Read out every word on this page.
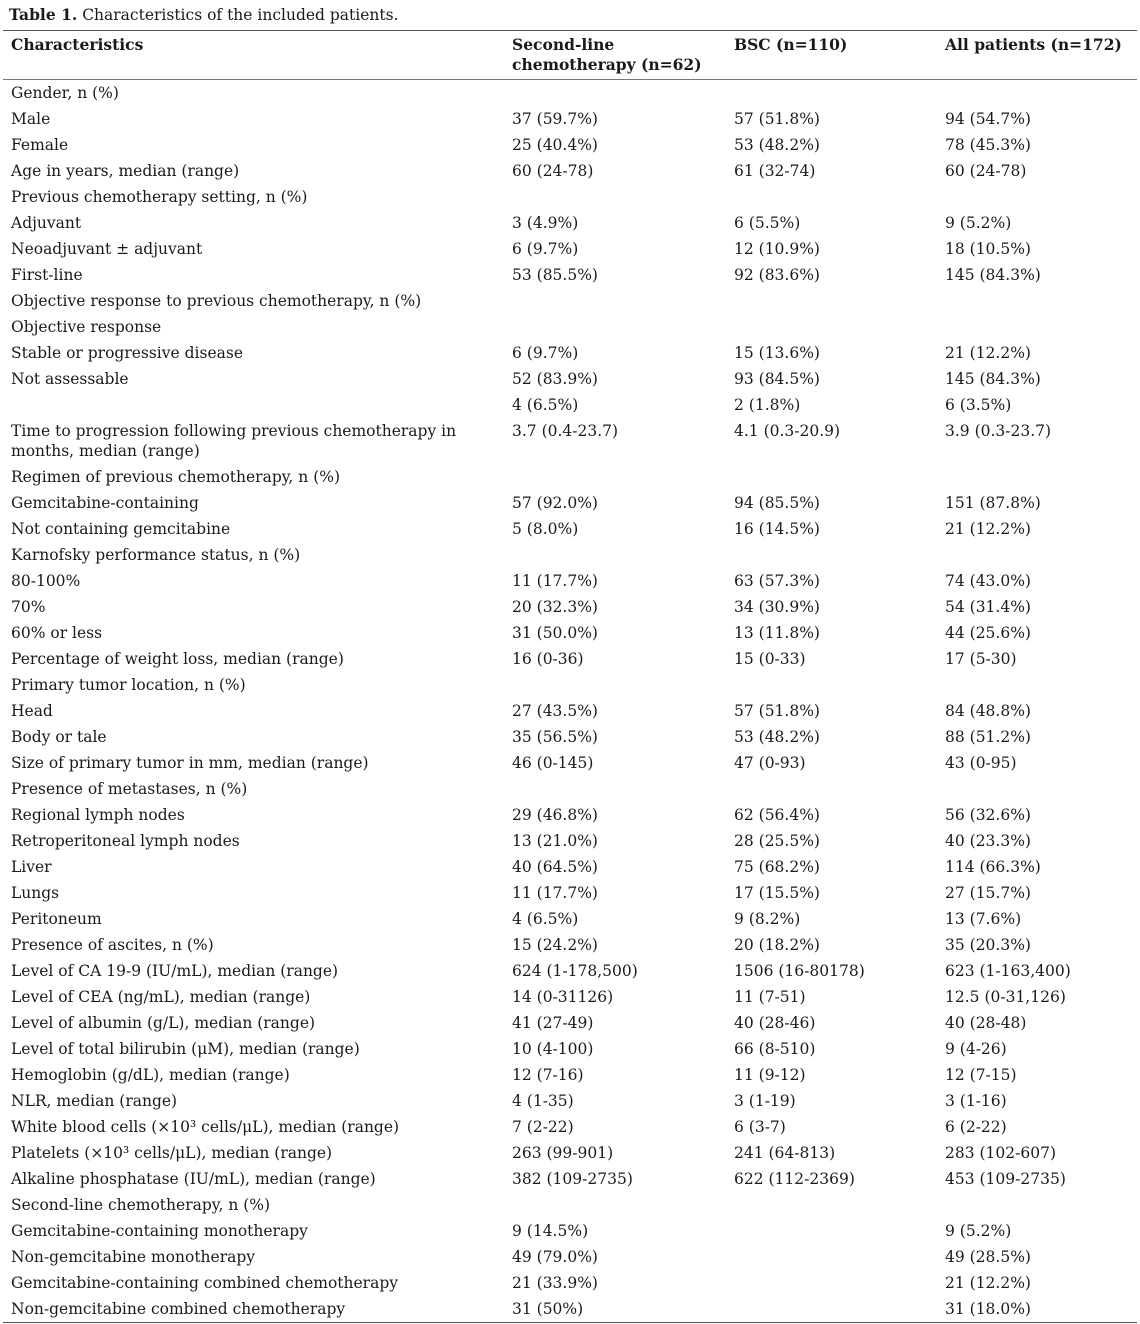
Table 1. Characteristics of the included patients.
Characteristics	Second-line chemotherapy (n=62)	BSC (n=110)	All patients (n=172)
Gender, n (%)			
Male	37 (59.7%)	57 (51.8%)	94 (54.7%)
Female	25 (40.4%)	53 (48.2%)	78 (45.3%)
Age in years, median (range)	60 (24-78)	61 (32-74)	60 (24-78)
Previous chemotherapy setting, n (%)			
Adjuvant	3 (4.9%)	6 (5.5%)	9 (5.2%)
Neoadjuvant ± adjuvant	6 (9.7%)	12 (10.9%)	18 (10.5%)
First-line	53 (85.5%)	92 (83.6%)	145 (84.3%)
Objective response to previous chemotherapy, n (%)			
Objective response			
Stable or progressive disease	6 (9.7%)	15 (13.6%)	21 (12.2%)
Not assessable	52 (83.9%)	93 (84.5%)	145 (84.3%)
	4 (6.5%)	2 (1.8%)	6 (3.5%)
Time to progression following previous chemotherapy in months, median (range)	3.7 (0.4-23.7)	4.1 (0.3-20.9)	3.9 (0.3-23.7)
Regimen of previous chemotherapy, n (%)			
Gemcitabine-containing	57 (92.0%)	94 (85.5%)	151 (87.8%)
Not containing gemcitabine	5 (8.0%)	16 (14.5%)	21 (12.2%)
Karnofsky performance status, n (%)			
80-100%	11 (17.7%)	63 (57.3%)	74 (43.0%)
70%	20 (32.3%)	34 (30.9%)	54 (31.4%)
60% or less	31 (50.0%)	13 (11.8%)	44 (25.6%)
Percentage of weight loss, median (range)	16 (0-36)	15 (0-33)	17 (5-30)
Primary tumor location, n (%)			
Head	27 (43.5%)	57 (51.8%)	84 (48.8%)
Body or tale	35 (56.5%)	53 (48.2%)	88 (51.2%)
Size of primary tumor in mm, median (range)	46 (0-145)	47 (0-93)	43 (0-95)
Presence of metastases, n (%)			
Regional lymph nodes	29 (46.8%)	62 (56.4%)	56 (32.6%)
Retroperitoneal lymph nodes	13 (21.0%)	28 (25.5%)	40 (23.3%)
Liver	40 (64.5%)	75 (68.2%)	114 (66.3%)
Lungs	11 (17.7%)	17 (15.5%)	27 (15.7%)
Peritoneum	4 (6.5%)	9 (8.2%)	13 (7.6%)
Presence of ascites, n (%)	15 (24.2%)	20 (18.2%)	35 (20.3%)
Level of CA 19-9 (IU/mL), median (range)	624 (1-178,500)	1506 (16-80178)	623 (1-163,400)
Level of CEA (ng/mL), median (range)	14 (0-31126)	11 (7-51)	12.5 (0-31,126)
Level of albumin (g/L), median (range)	41 (27-49)	40 (28-46)	40 (28-48)
Level of total bilirubin (μM), median (range)	10 (4-100)	66 (8-510)	9 (4-26)
Hemoglobin (g/dL), median (range)	12 (7-16)	11 (9-12)	12 (7-15)
NLR, median (range)	4 (1-35)	3 (1-19)	3 (1-16)
White blood cells (×10³ cells/μL), median (range)	7 (2-22)	6 (3-7)	6 (2-22)
Platelets (×10³ cells/μL), median (range)	263 (99-901)	241 (64-813)	283 (102-607)
Alkaline phosphatase (IU/mL), median (range)	382 (109-2735)	622 (112-2369)	453 (109-2735)
Second-line chemotherapy, n (%)			
Gemcitabine-containing monotherapy	9 (14.5%)		9 (5.2%)
Non-gemcitabine monotherapy	49 (79.0%)		49 (28.5%)
Gemcitabine-containing combined chemotherapy	21 (33.9%)		21 (12.2%)
Non-gemcitabine combined chemotherapy	31 (50%)		31 (18.0%)
